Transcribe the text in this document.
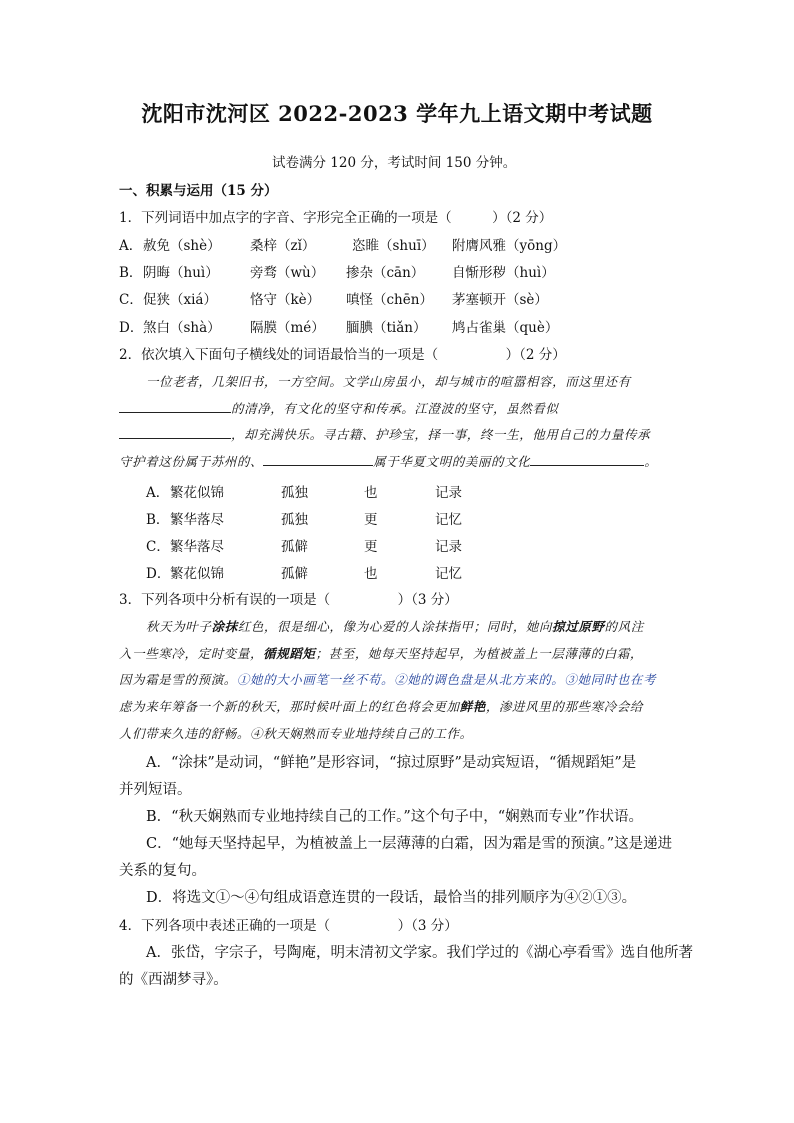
沈阳市沈河区 2022-2023 学年九上语文期中考试题
试卷满分 120 分，考试时间 150 分钟。
一、积累与运用（15 分）
1．下列词语中加点字的字音、字形完全正确的一项是（　　　）（2 分）
A． 赦免（shè） 桑梓（zǐ）	恣睢（shuī） 附膺风雅（yōng）
B． 阴晦（huì） 旁骛（wù） 掺杂（cān） 自惭形秽（huì）
C． 促狭（xiá） 恪守（kè） 嗔怪（chēn） 茅塞顿开（sè）
D． 煞白（shà） 隔膜（mé） 腼腆（tiǎn） 鸠占雀巢（què）
2．依次填入下面句子横线处的词语最恰当的一项是（　　　　　）（2 分）
一位老者，几架旧书，一方空间。文学山房虽小，却与城市的喧嚣相容，而这里还有
的清净，有文化的坚守和传承。江澄波的坚守，虽然看似
，却充满快乐。寻古籍、护珍宝，择一事，终一生，他用自己的力量传承
守护着这份属于苏州的、	属于华夏文明的美丽的文化	。
A． 繁花似锦	孤独	也	记录
B． 繁华落尽	孤独	更	记忆
C． 繁华落尽	孤僻	更	记录
D． 繁花似锦	孤僻	也	记忆
3．下列各项中分析有误的一项是（　　　　　）（3 分）
秋天为叶子涂抹红色，很是细心，像为心爱的人涂抹指甲；同时，她向掠过原野的风注
入一些寒冷，定时变量，循规蹈矩；甚至，她每天坚持起早，为植被盖上一层薄薄的白霜，
因为霜是雪的预演。①她的大小画笔一丝不苟。②她的调色盘是从北方来的。③她同时也在考
虑为来年筹备一个新的秋天，那时候叶面上的红色将会更加鲜艳，渗进风里的那些寒冷会给
人们带来久违的舒畅。④秋天娴熟而专业地持续自己的工作。
A．“涂抹”是动词，“鲜艳”是形容词，“掠过原野”是动宾短语，“循规蹈矩”是
并列短语。
B．“秋天娴熟而专业地持续自己的工作。”这个句子中，“娴熟而专业”作状语。
C．“她每天坚持起早，为植被盖上一层薄薄的白霜，因为霜是雪的预演。”这是递进
关系的复句。
D．将选文①～④句组成语意连贯的一段话，最恰当的排列顺序为④②①③。
4．下列各项中表述正确的一项是（　　　　　）（3 分）
A．张岱，字宗子，号陶庵，明末清初文学家。我们学过的《湖心亭看雪》选自他所著
的《西湖梦寻》。
